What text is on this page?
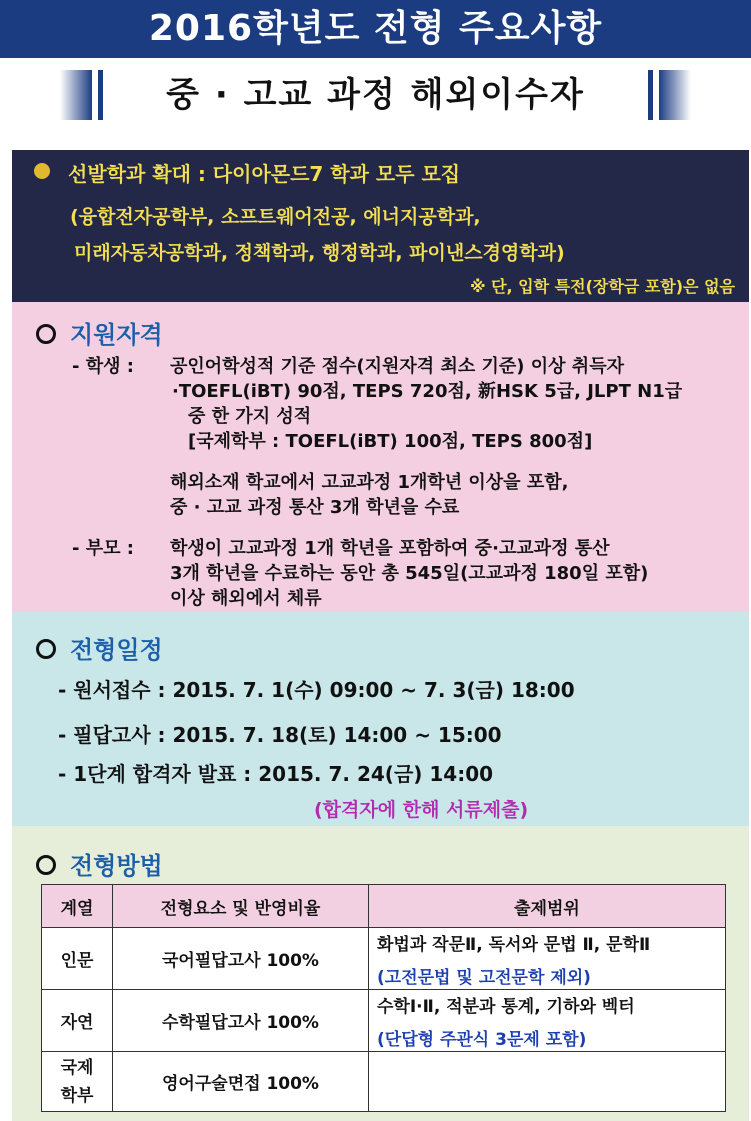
2016학년도 전형 주요사항
중 · 고교 과정 해외이수자
선발학과 확대 : 다이아몬드7 학과 모두 모집
(융합전자공학부, 소프트웨어전공, 에너지공학과,
미래자동차공학과, 정책학과, 행정학과, 파이낸스경영학과)
※ 단, 입학 특전(장학금 포함)은 없음
지원자격
- 학생 : 공인어학성적 기준 점수(지원자격 최소 기준) 이상 취득자
·TOEFL(iBT) 90점, TEPS 720점, 新HSK 5급, JLPT N1급
중 한 가지 성적
[국제학부 : TOEFL(iBT) 100점, TEPS 800점]
해외소재 학교에서 고교과정 1개학년 이상을 포함,
중 · 고교 과정 통산 3개 학년을 수료
- 부모 : 학생이 고교과정 1개 학년을 포함하여 중·고교과정 통산
3개 학년을 수료하는 동안 총 545일(고교과정 180일 포함)
이상 해외에서 체류
전형일정
- 원서접수 : 2015. 7. 1(수) 09:00 ~ 7. 3(금) 18:00
- 필답고사 : 2015. 7. 18(토) 14:00 ~ 15:00
- 1단계 합격자 발표 : 2015. 7. 24(금) 14:00
(합격자에 한해 서류제출)
전형방법
계열	전형요소 및 반영비율	출제범위
인문	국어필답고사 100%	화법과 작문Ⅱ, 독서와 문법 Ⅱ, 문학Ⅱ
(고전문법 및 고전문학 제외)

자연	수학필답고사 100%	수학Ⅰ·Ⅱ, 적분과 통계, 기하와 벡터
(단답형 주관식 3문제 포함)

국제
학부	영어구술면접 100%	
